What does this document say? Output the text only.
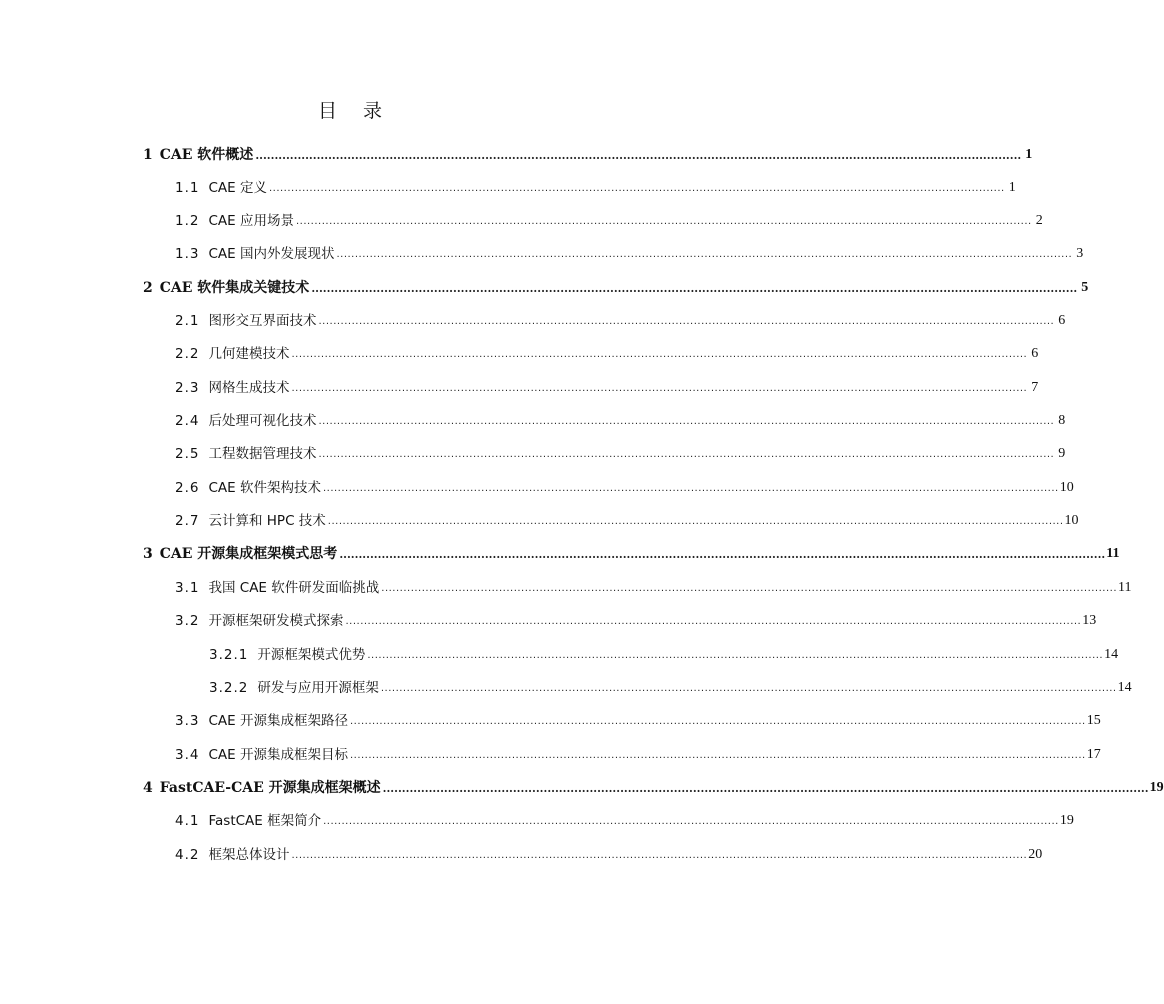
目 录
1 CAE 软件概述 ........................................................................................................................................................................................................ 1
1.1 CAE 定义 ........................................................................................................................................................................................................ 1
1.2 CAE 应用场景 ........................................................................................................................................................................................................ 2
1.3 CAE 国内外发展现状 ........................................................................................................................................................................................................ 3
2 CAE 软件集成关键技术 ........................................................................................................................................................................................................ 5
2.1 图形交互界面技术 ........................................................................................................................................................................................................ 6
2.2 几何建模技术 ........................................................................................................................................................................................................ 6
2.3 网格生成技术 ........................................................................................................................................................................................................ 7
2.4 后处理可视化技术 ........................................................................................................................................................................................................ 8
2.5 工程数据管理技术 ........................................................................................................................................................................................................ 9
2.6 CAE 软件架构技术 ........................................................................................................................................................................................................ 10
2.7 云计算和 HPC 技术 ........................................................................................................................................................................................................ 10
3 CAE 开源集成框架模式思考 ........................................................................................................................................................................................................ 11
3.1 我国 CAE 软件研发面临挑战 ........................................................................................................................................................................................................ 11
3.2 开源框架研发模式探索 ........................................................................................................................................................................................................ 13
3.2.1 开源框架模式优势 ........................................................................................................................................................................................................ 14
3.2.2 研发与应用开源框架 ........................................................................................................................................................................................................ 14
3.3 CAE 开源集成框架路径 ........................................................................................................................................................................................................ 15
3.4 CAE 开源集成框架目标 ........................................................................................................................................................................................................ 17
4 FastCAE-CAE 开源集成框架概述 ........................................................................................................................................................................................................ 19
4.1 FastCAE 框架简介 ........................................................................................................................................................................................................ 19
4.2 框架总体设计 ........................................................................................................................................................................................................ 20
